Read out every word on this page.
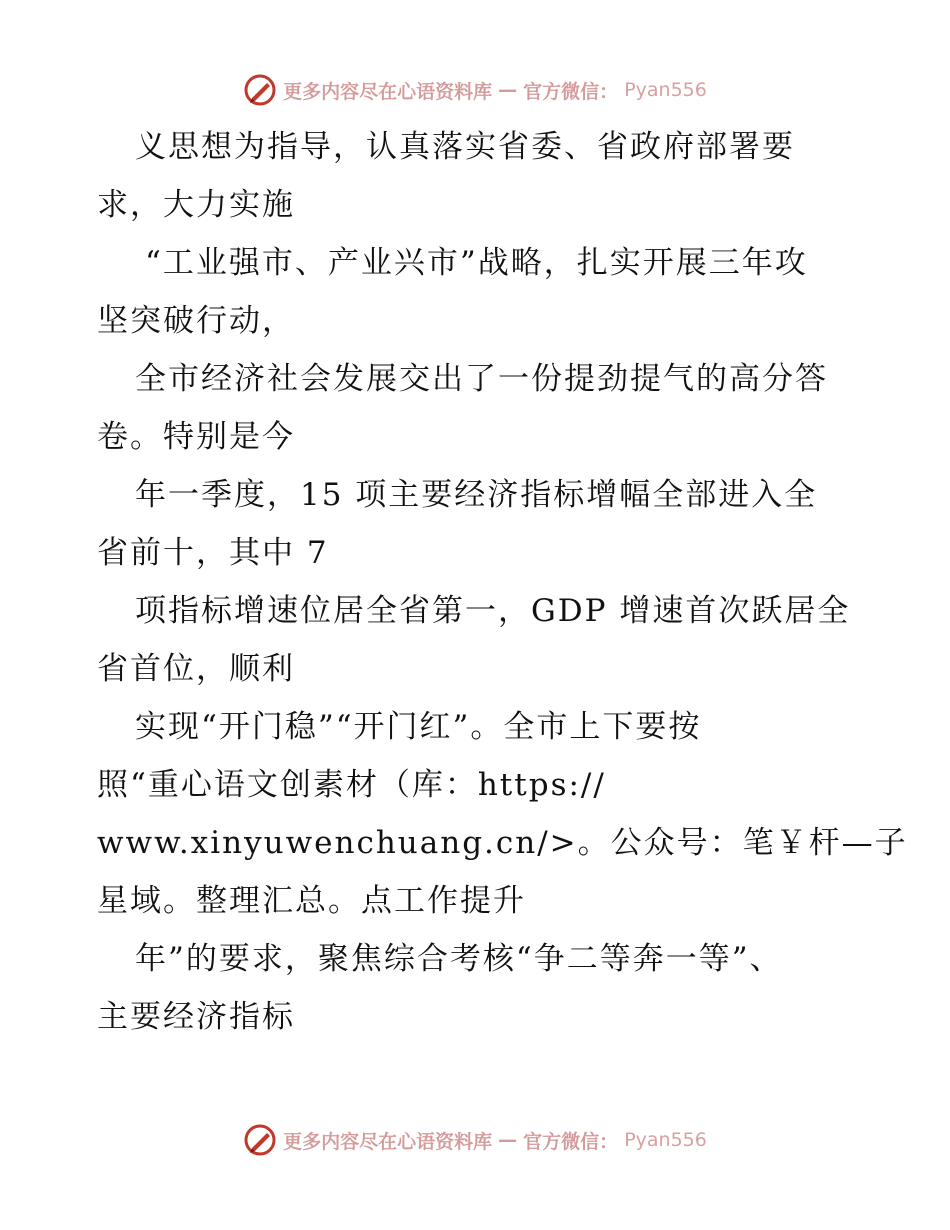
更多内容尽在心语资料库 — 官方微信： Pyan556
义思想为指导，认真落实省委、省政府部署要
求，大力实施
“工业强市、产业兴市”战略，扎实开展三年攻
坚突破行动，
全市经济社会发展交出了一份提劲提气的高分答
卷。特别是今
年一季度，15 项主要经济指标增幅全部进入全
省前十，其中 7
项指标增速位居全省第一，GDP 增速首次跃居全
省首位，顺利
实现“开门稳”“开门红”。全市上下要按
照“重心语文创素材（库：https://
www.xinyuwenchuang.cn/>。公众号：笔￥杆—子
星域。整理汇总。点工作提升
年”的要求，聚焦综合考核“争二等奔一等”、
主要经济指标
更多内容尽在心语资料库 — 官方微信： Pyan556
